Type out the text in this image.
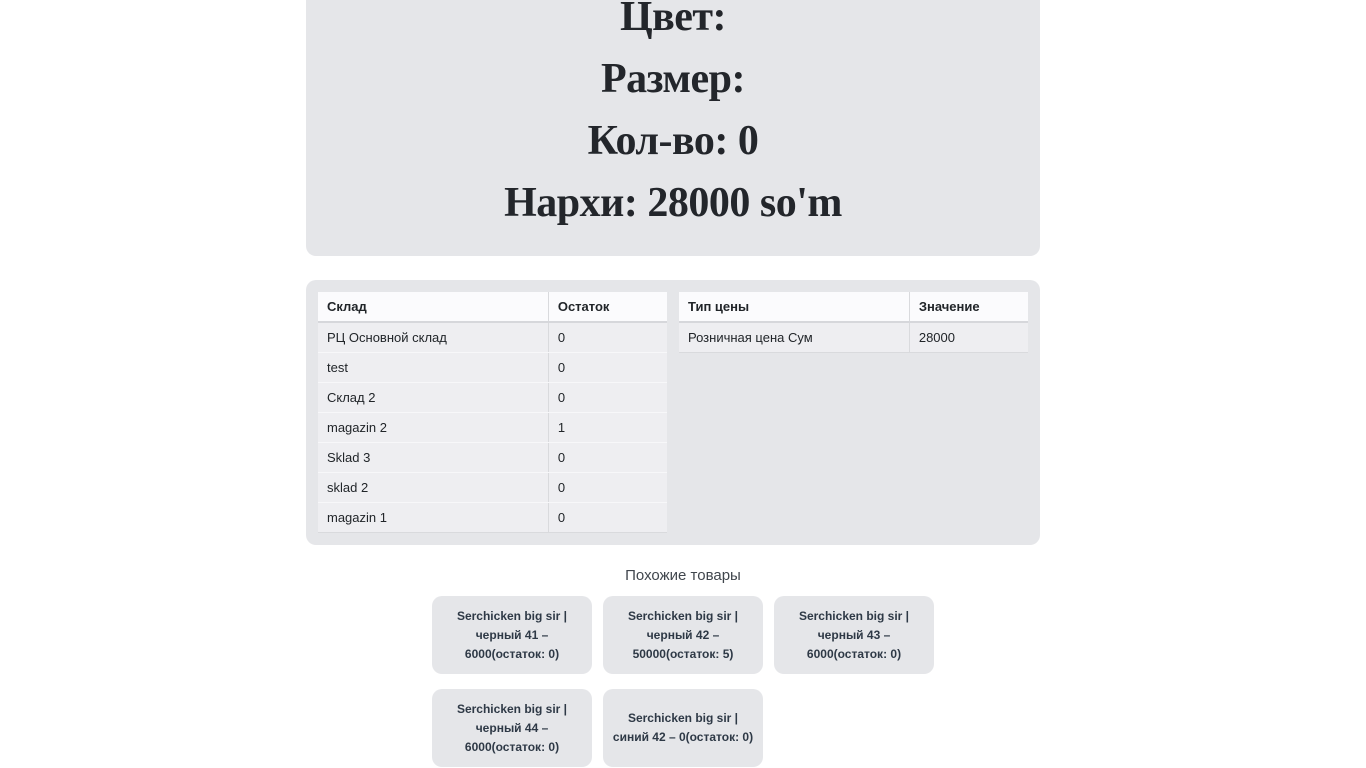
Цвет:
Размер:
Кол-во: 0
Нархи: 28000 so'm
Склад	Остаток
РЦ Основной склад	0
test	0
Склад 2	0
magazin 2	1
Sklad 3	0
sklad 2	0
magazin 1	0
Тип цены	Значение
Розничная цена Сум	28000
Похожие товары
Serchicken big sir | черный 41 – 6000(остаток: 0)
Serchicken big sir | черный 42 – 50000(остаток: 5)
Serchicken big sir | черный 43 – 6000(остаток: 0)
Serchicken big sir | черный 44 – 6000(остаток: 0)
Serchicken big sir | синий 42 – 0(остаток: 0)
